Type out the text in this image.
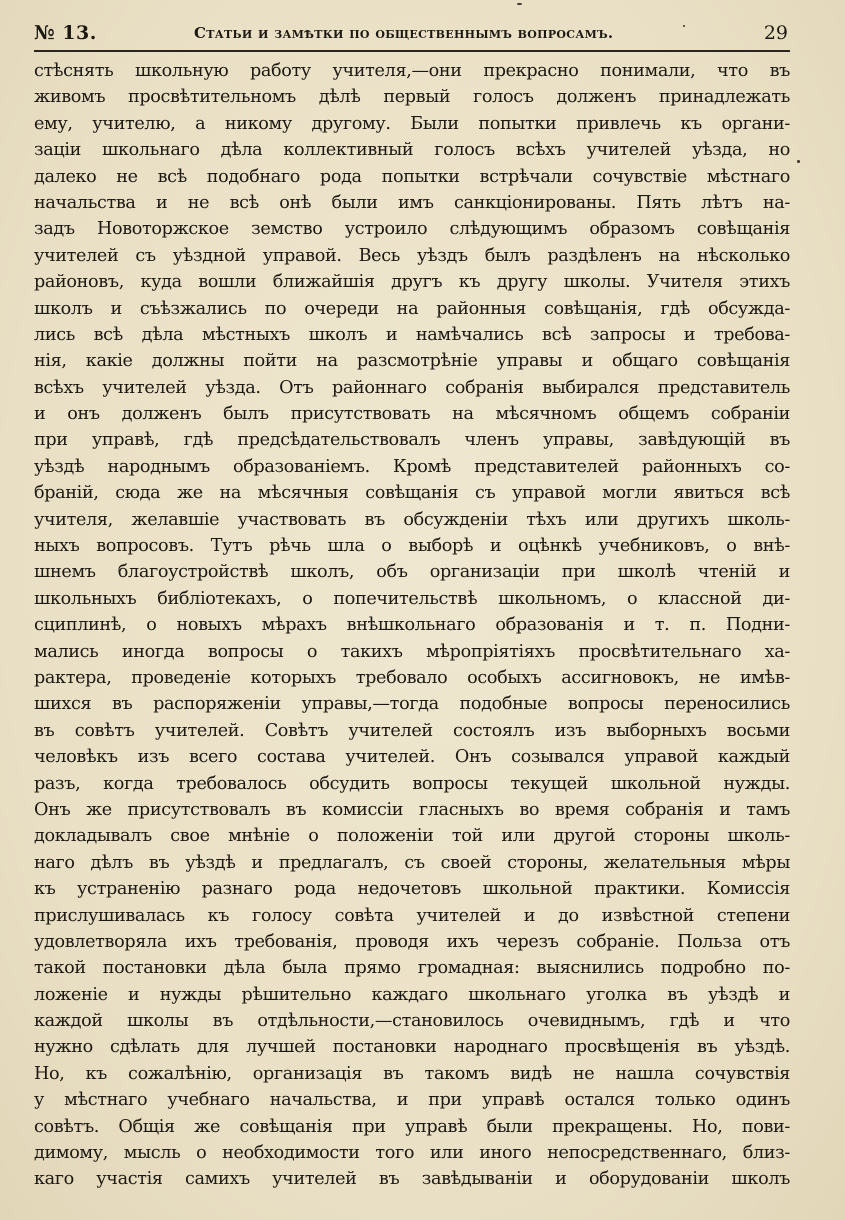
№ 13.	Статьи и замѣтки по общественнымъ вопросамъ.	29
стѣснять школьную работу учителя,—они прекрасно понимали, что въ
живомъ просвѣтительномъ дѣлѣ первый голосъ долженъ принадлежать
ему, учителю, а никому другому. Были попытки привлечь къ органи-
заціи школьнаго дѣла коллективный голосъ всѣхъ учителей уѣзда, но
далеко не всѣ подобнаго рода попытки встрѣчали сочувствіе мѣстнаго
начальства и не всѣ онѣ были имъ санкціонированы. Пять лѣтъ на-
задъ Новоторжское земство устроило слѣдующимъ образомъ совѣщанія
учителей съ уѣздной управой. Весь уѣздъ былъ раздѣленъ на нѣсколько
районовъ, куда вошли ближайшія другъ къ другу школы. Учителя этихъ
школъ и съѣзжались по очереди на районныя совѣщанія, гдѣ обсужда-
лись всѣ дѣла мѣстныхъ школъ и намѣчались всѣ запросы и требова-
нія, какіе должны пойти на разсмотрѣніе управы и общаго совѣщанія
всѣхъ учителей уѣзда. Отъ районнаго собранія выбирался представитель
и онъ долженъ былъ присутствовать на мѣсячномъ общемъ собраніи
при управѣ, гдѣ предсѣдательствовалъ членъ управы, завѣдующій въ
уѣздѣ народнымъ образованіемъ. Кромѣ представителей районныхъ со-
браній, сюда же на мѣсячныя совѣщанія съ управой могли явиться всѣ
учителя, желавшіе участвовать въ обсужденіи тѣхъ или другихъ школь-
ныхъ вопросовъ. Тутъ рѣчь шла о выборѣ и оцѣнкѣ учебниковъ, о внѣ-
шнемъ благоустройствѣ школъ, объ организаціи при школѣ чтеній и
школьныхъ библіотекахъ, о попечительствѣ школьномъ, о классной ди-
сциплинѣ, о новыхъ мѣрахъ внѣшкольнаго образованія и т. п. Подни-
мались иногда вопросы о такихъ мѣропріятіяхъ просвѣтительнаго ха-
рактера, проведеніе которыхъ требовало особыхъ ассигновокъ, не имѣв-
шихся въ распоряженіи управы,—тогда подобные вопросы переносились
въ совѣтъ учителей. Совѣтъ учителей состоялъ изъ выборныхъ восьми
человѣкъ изъ всего состава учителей. Онъ созывался управой каждый
разъ, когда требовалось обсудить вопросы текущей школьной нужды.
Онъ же присутствовалъ въ комиссіи гласныхъ во время собранія и тамъ
докладывалъ свое мнѣніе о положеніи той или другой стороны школь-
наго дѣлъ въ уѣздѣ и предлагалъ, съ своей стороны, желательныя мѣры
къ устраненію разнаго рода недочетовъ школьной практики. Комиссія
прислушивалась къ голосу совѣта учителей и до извѣстной степени
удовлетворяла ихъ требованія, проводя ихъ черезъ собраніе. Польза отъ
такой постановки дѣла была прямо громадная: выяснились подробно по-
ложеніе и нужды рѣшительно каждаго школьнаго уголка въ уѣздѣ и
каждой школы въ отдѣльности,—становилось очевиднымъ, гдѣ и что
нужно сдѣлать для лучшей постановки народнаго просвѣщенія въ уѣздѣ.
Но, къ сожалѣнію, организація въ такомъ видѣ не нашла сочувствія
у мѣстнаго учебнаго начальства, и при управѣ остался только одинъ
совѣтъ. Общія же совѣщанія при управѣ были прекращены. Но, пови-
димому, мысль о необходимости того или иного непосредственнаго, близ-
каго участія самихъ учителей въ завѣдываніи и оборудованіи школъ
